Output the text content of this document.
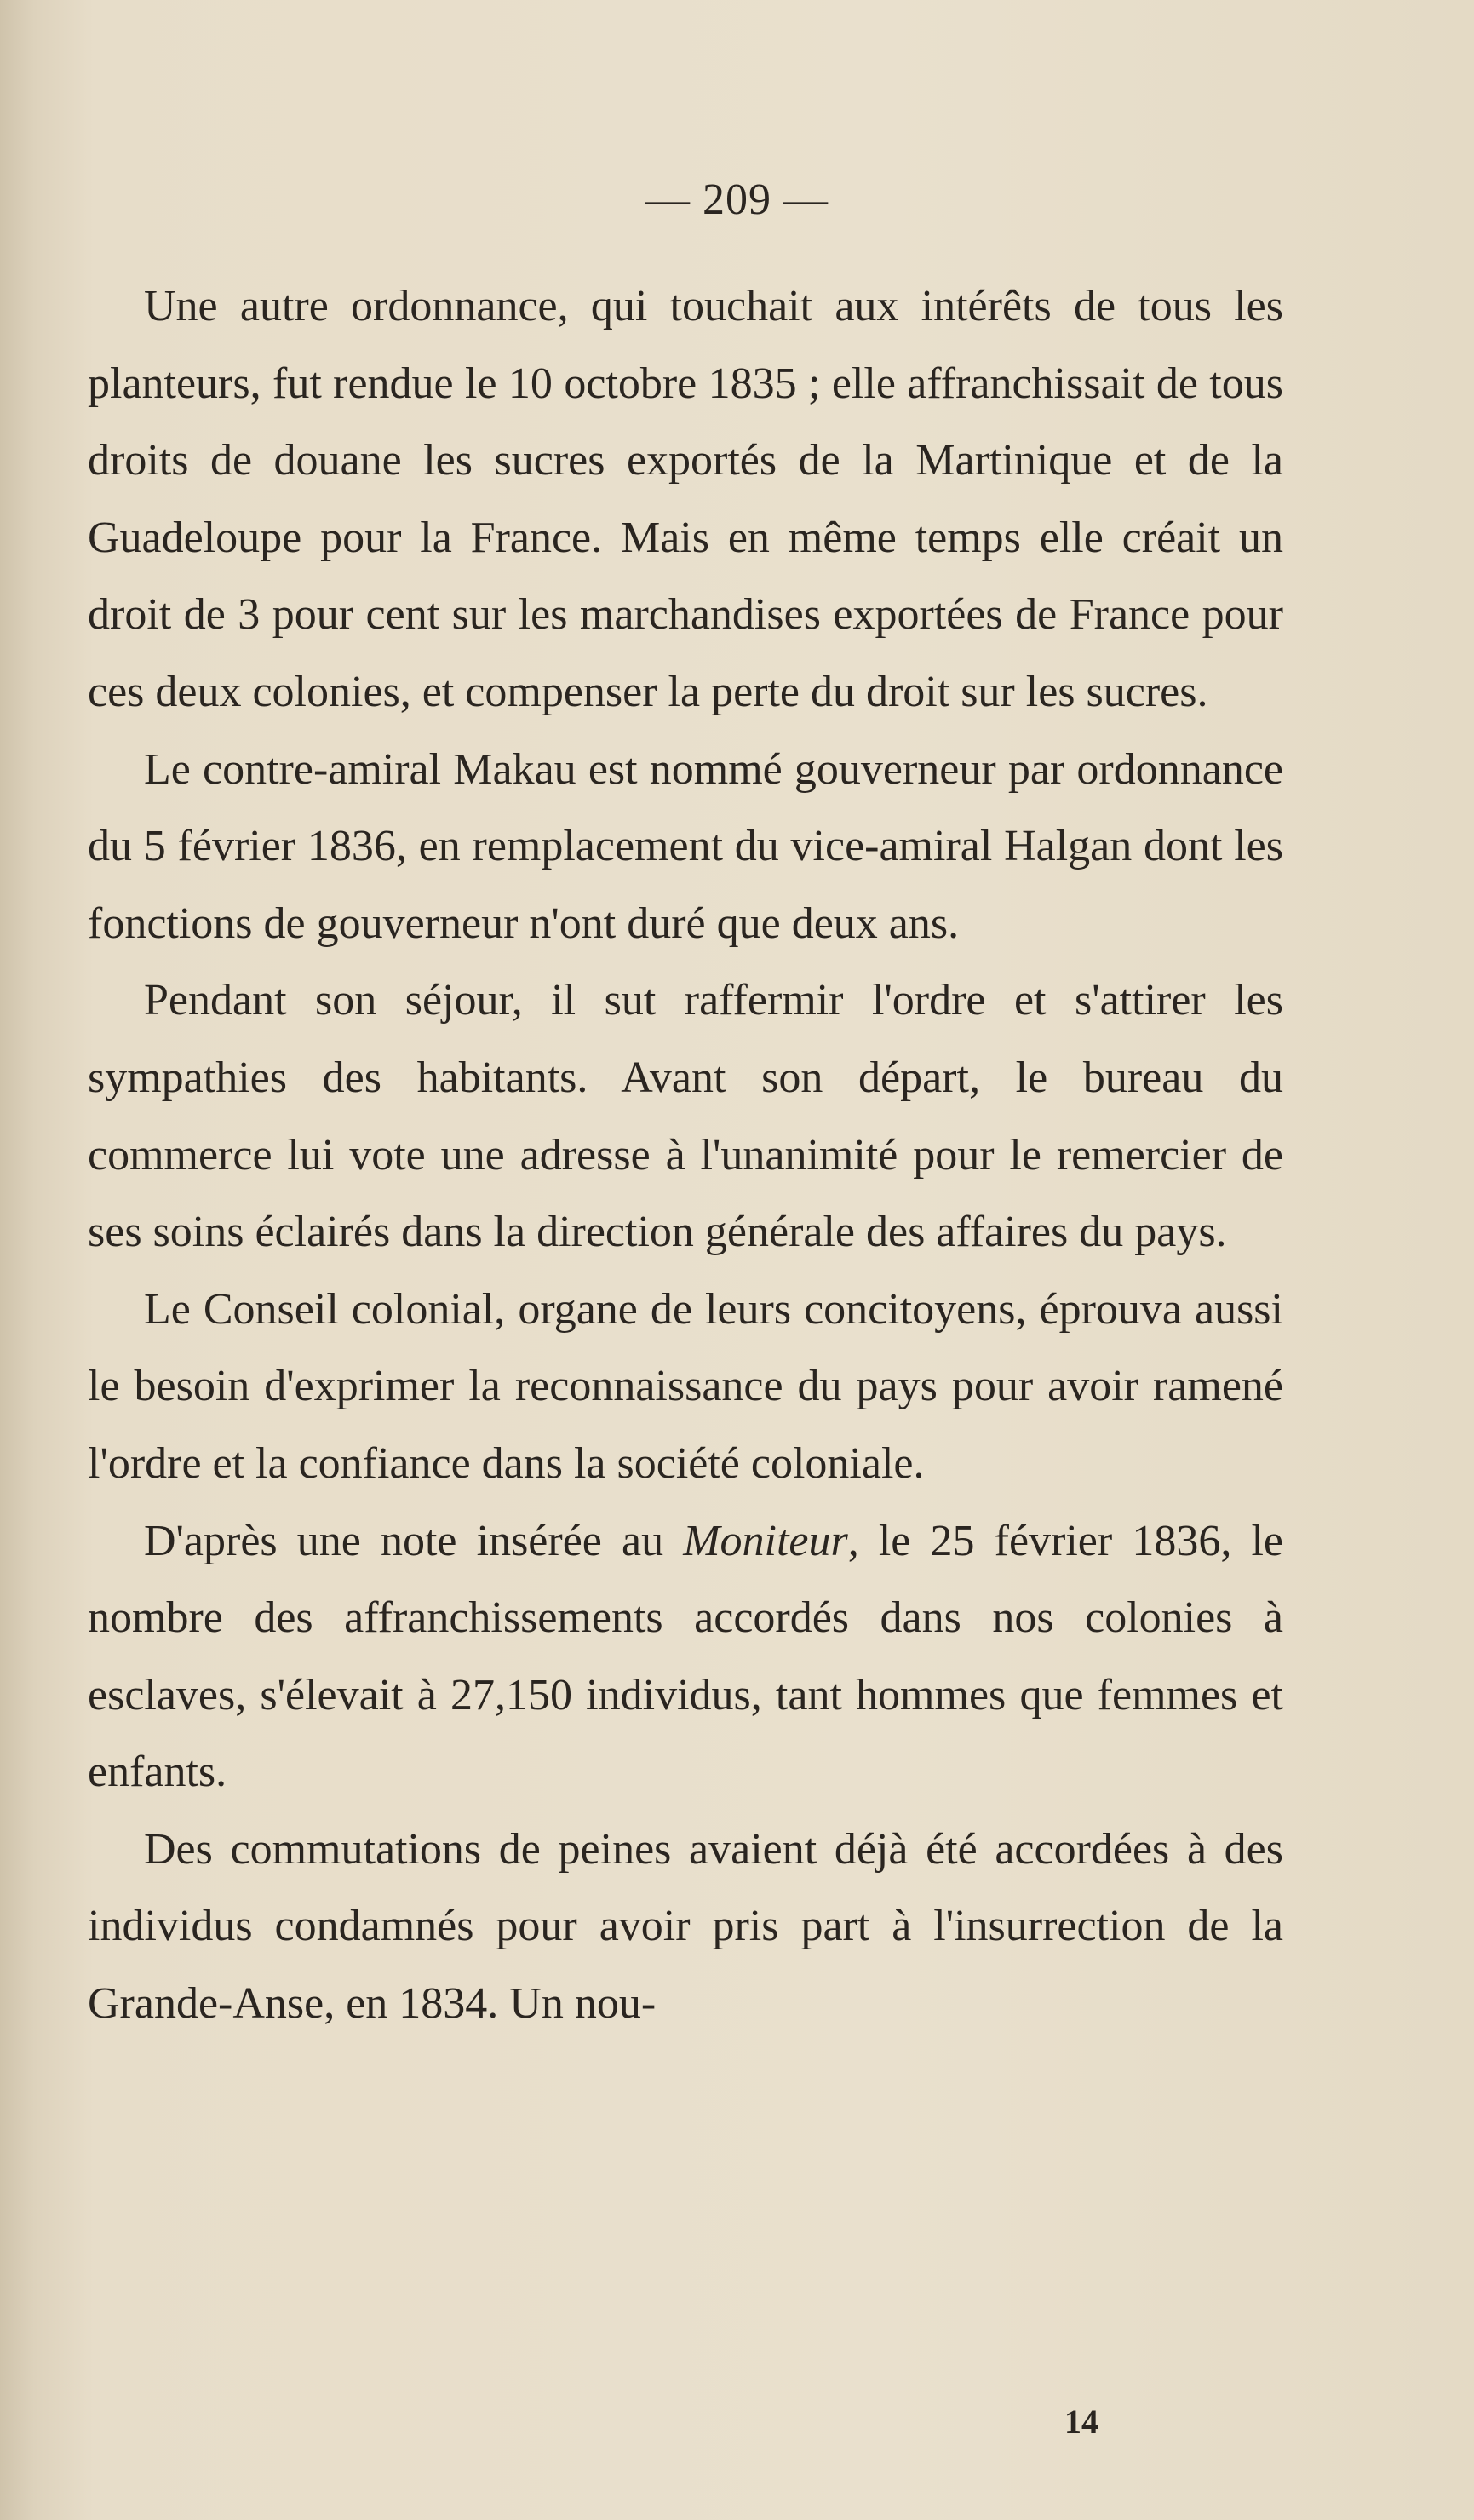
— 209 —

Une autre ordonnance, qui touchait aux intérêts de tous les planteurs, fut rendue le 10 octobre 1835 ; elle affranchissait de tous droits de douane les sucres exportés de la Martinique et de la Guadeloupe pour la France. Mais en même temps elle créait un droit de 3 pour cent sur les marchandises exportées de France pour ces deux colonies, et compenser la perte du droit sur les sucres.

Le contre-amiral Makau est nommé gouverneur par ordonnance du 5 février 1836, en remplacement du vice-amiral Halgan dont les fonctions de gouverneur n'ont duré que deux ans.

Pendant son séjour, il sut raffermir l'ordre et s'attirer les sympathies des habitants. Avant son départ, le bureau du commerce lui vote une adresse à l'unanimité pour le remercier de ses soins éclairés dans la direction générale des affaires du pays.

Le Conseil colonial, organe de leurs concitoyens, éprouva aussi le besoin d'exprimer la reconnaissance du pays pour avoir ramené l'ordre et la confiance dans la société coloniale.

D'après une note insérée au Moniteur, le 25 février 1836, le nombre des affranchissements accordés dans nos colonies à esclaves, s'élevait à 27,150 individus, tant hommes que femmes et enfants.

Des commutations de peines avaient déjà été accordées à des individus condamnés pour avoir pris part à l'insurrection de la Grande-Anse, en 1834. Un nou-

14
